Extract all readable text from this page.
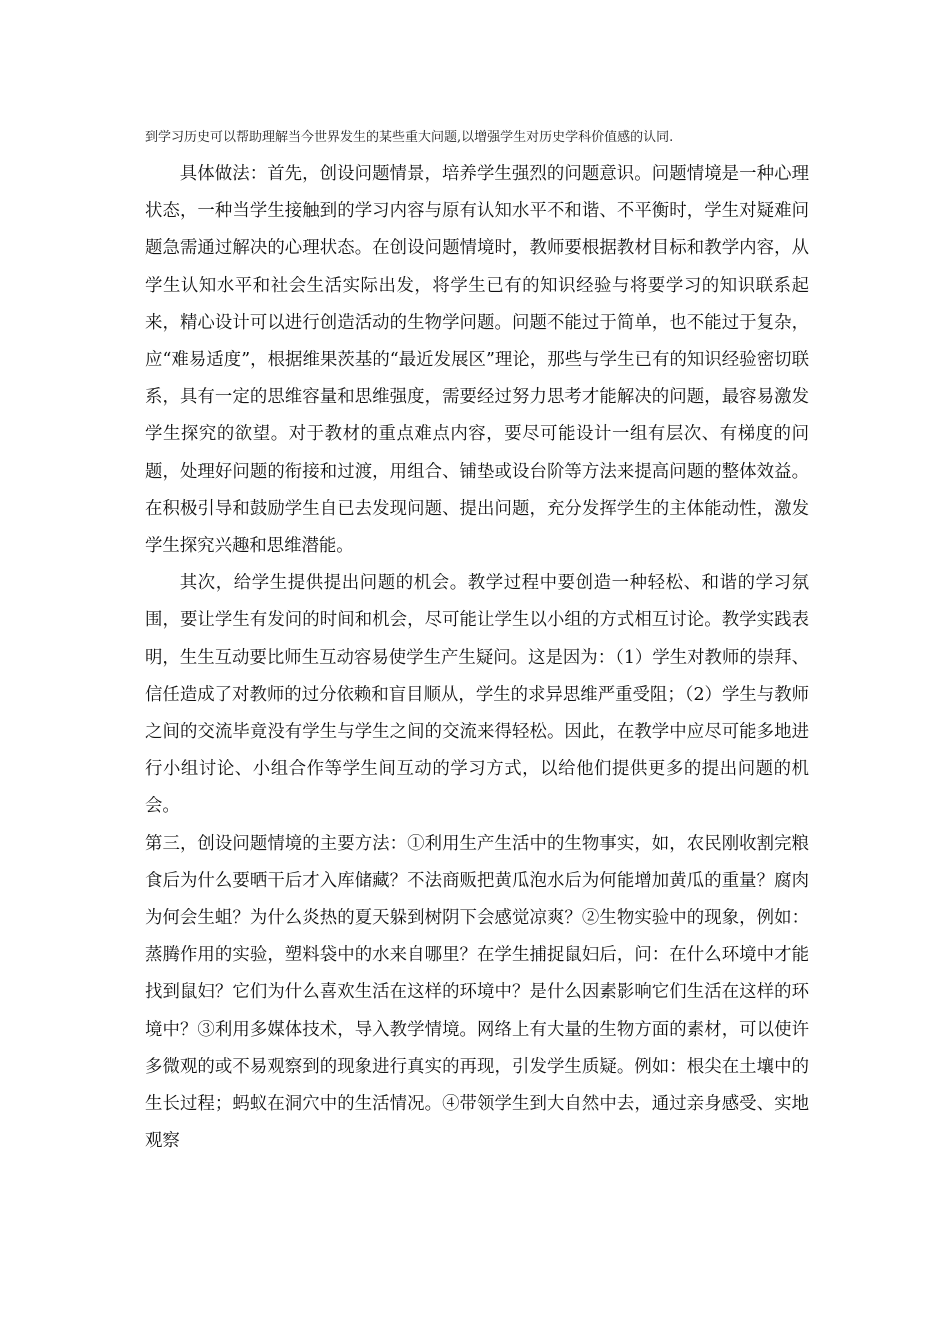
到学习历史可以帮助理解当今世界发生的某些重大问题,以增强学生对历史学科价值感的认同.

具体做法：首先，创设问题情景，培养学生强烈的问题意识。问题情境是一种心理状态，一种当学生接触到的学习内容与原有认知水平不和谐、不平衡时，学生对疑难问题急需通过解决的心理状态。在创设问题情境时，教师要根据教材目标和教学内容，从学生认知水平和社会生活实际出发，将学生已有的知识经验与将要学习的知识联系起来，精心设计可以进行创造活动的生物学问题。问题不能过于简单，也不能过于复杂，应“难易适度”，根据维果茨基的“最近发展区”理论，那些与学生已有的知识经验密切联系，具有一定的思维容量和思维强度，需要经过努力思考才能解决的问题，最容易激发学生探究的欲望。对于教材的重点难点内容，要尽可能设计一组有层次、有梯度的问题，处理好问题的衔接和过渡，用组合、铺垫或设台阶等方法来提高问题的整体效益。在积极引导和鼓励学生自已去发现问题、提出问题，充分发挥学生的主体能动性，激发学生探究兴趣和思维潜能。

其次，给学生提供提出问题的机会。教学过程中要创造一种轻松、和谐的学习氛围，要让学生有发问的时间和机会，尽可能让学生以小组的方式相互讨论。教学实践表明，生生互动要比师生互动容易使学生产生疑问。这是因为：（1）学生对教师的崇拜、信任造成了对教师的过分依赖和盲目顺从，学生的求异思维严重受阻；（2）学生与教师之间的交流毕竟没有学生与学生之间的交流来得轻松。因此，在教学中应尽可能多地进行小组讨论、小组合作等学生间互动的学习方式，以给他们提供更多的提出问题的机会。

第三，创设问题情境的主要方法：①利用生产生活中的生物事实，如，农民刚收割完粮食后为什么要晒干后才入库储藏？不法商贩把黄瓜泡水后为何能增加黄瓜的重量？腐肉为何会生蛆？为什么炎热的夏天躲到树阴下会感觉凉爽？②生物实验中的现象，例如：蒸腾作用的实验，塑料袋中的水来自哪里？在学生捕捉鼠妇后，问：在什么环境中才能找到鼠妇？它们为什么喜欢生活在这样的环境中？是什么因素影响它们生活在这样的环境中？③利用多媒体技术，导入教学情境。网络上有大量的生物方面的素材，可以使许多微观的或不易观察到的现象进行真实的再现，引发学生质疑。例如：根尖在土壤中的生长过程；蚂蚁在洞穴中的生活情况。④带领学生到大自然中去，通过亲身感受、实地观察
